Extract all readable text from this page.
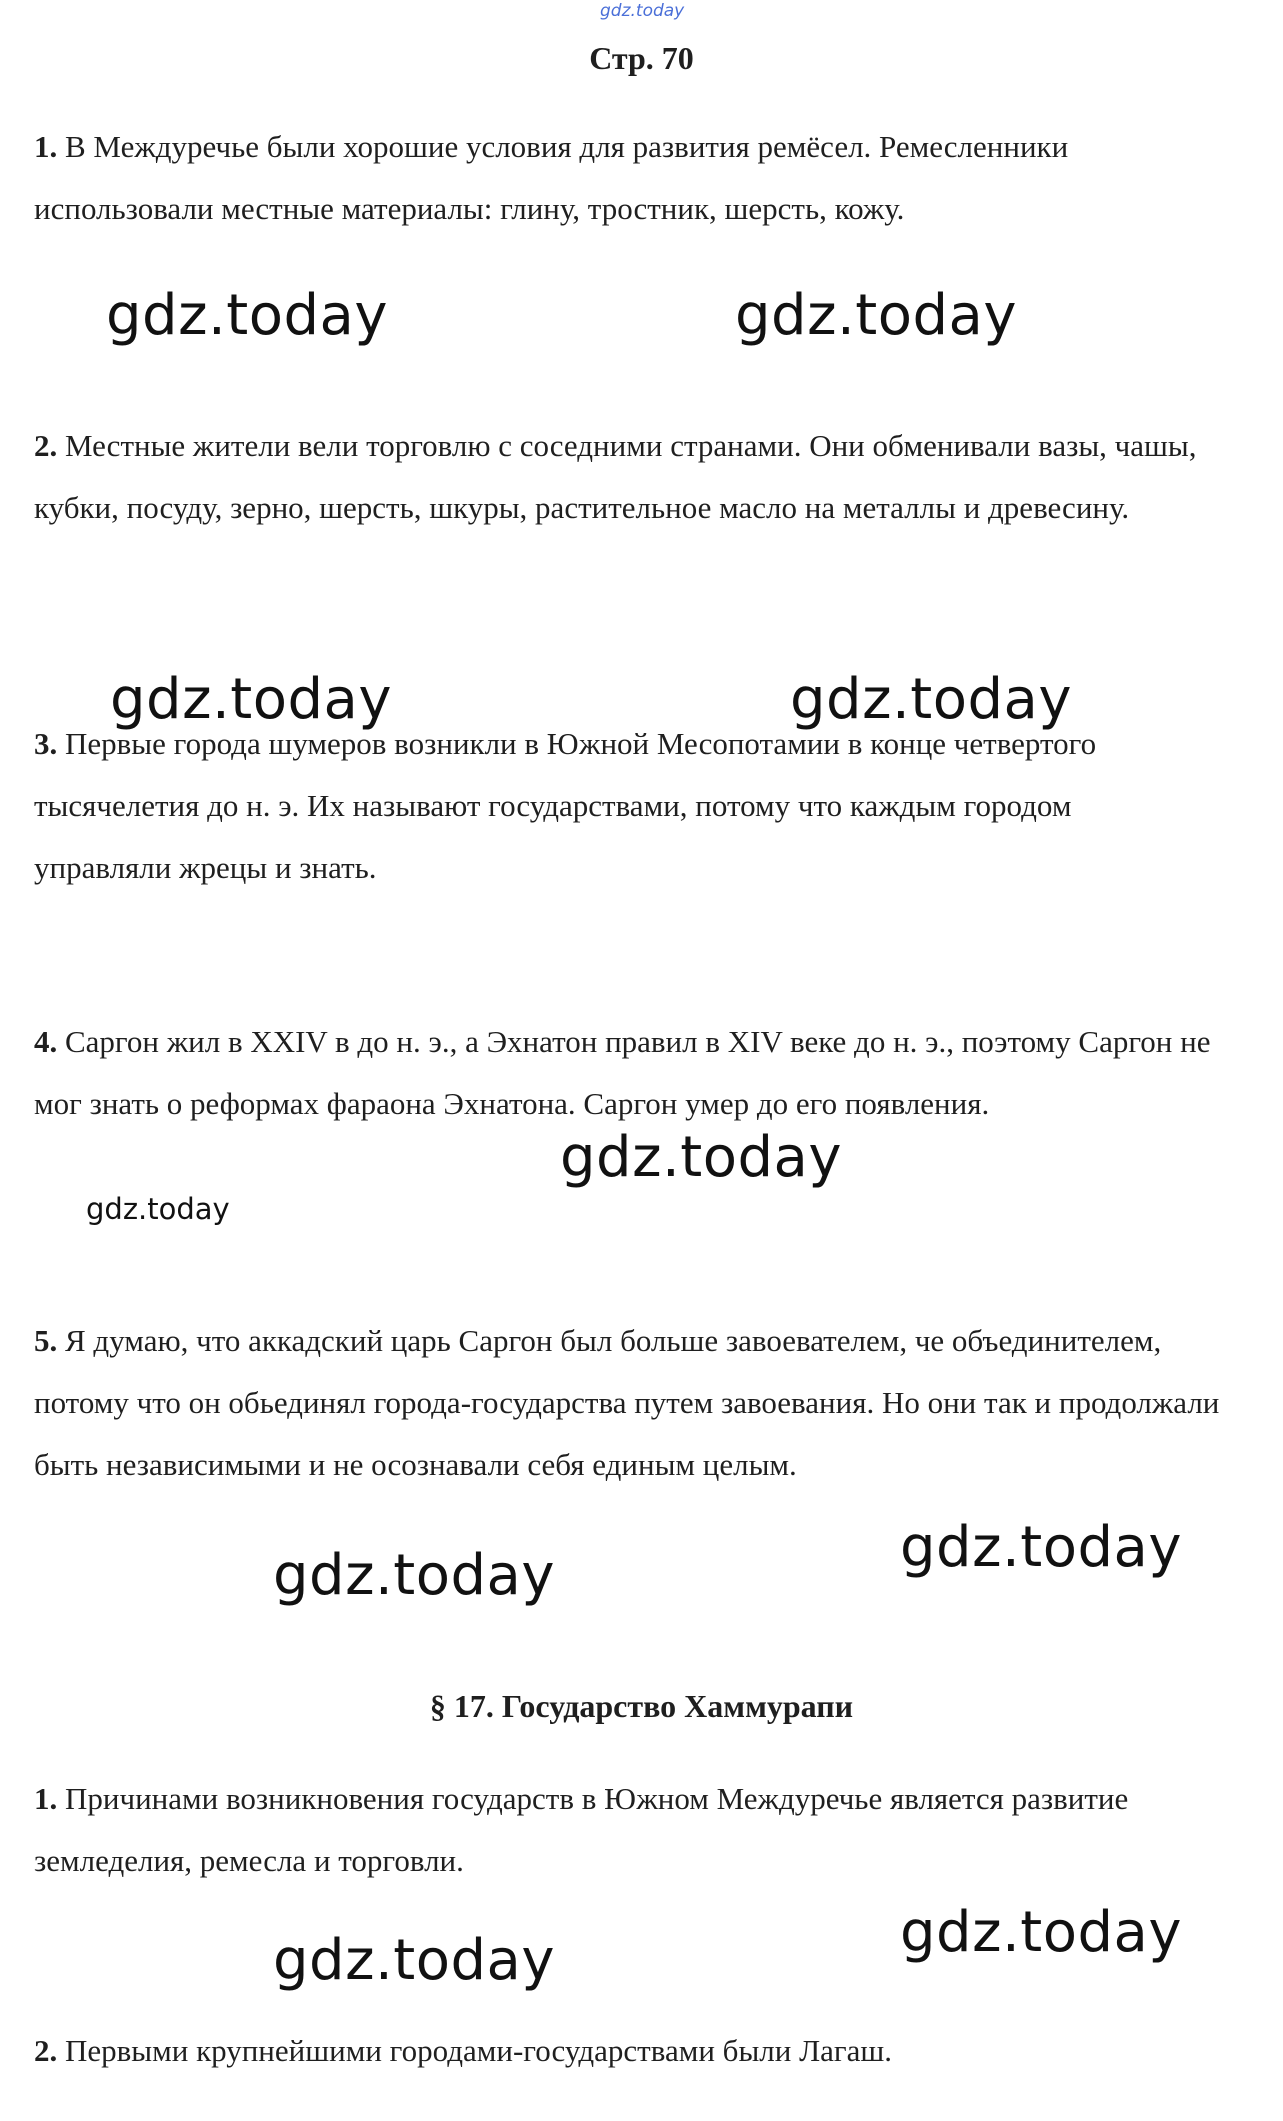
gdz.today
Стр. 70

1. В Междуречье были хорошие условия для развития ремёсел. Ремесленники использовали местные материалы: глину, тростник, шерсть, кожу.

2. Местные жители вели торговлю с соседними странами. Они обменивали вазы, чашы, кубки, посуду, зерно, шерсть, шкуры, растительное масло на металлы и древесину.

3. Первые города шумеров возникли в Южной Месопотамии в конце четвертого тысячелетия до н. э. Их называют государствами, потому что каждым городом управляли жрецы и знать.

4. Саргон жил в XXIV в до н. э., а Эхнатон правил в XIV веке до н. э., поэтому Саргон не мог знать о реформах фараона Эхнатона. Саргон умер до его появления.

5. Я думаю, что аккадский царь Саргон был больше завоевателем, че объединителем, потому что он обьединял города-государства путем завоевания. Но они так и продолжали быть независимыми и не осознавали себя единым целым.

§ 17. Государство Хаммурапи

1. Причинами возникновения государств в Южном Междуречье является развитие земледелия, ремесла и торговли.

2. Первыми крупнейшими городами-государствами были Лагаш.

gdz.today	gdz.today
gdz.today	gdz.today
gdz.today
gdz.today
gdz.today
gdz.today
gdz.today
gdz.today
